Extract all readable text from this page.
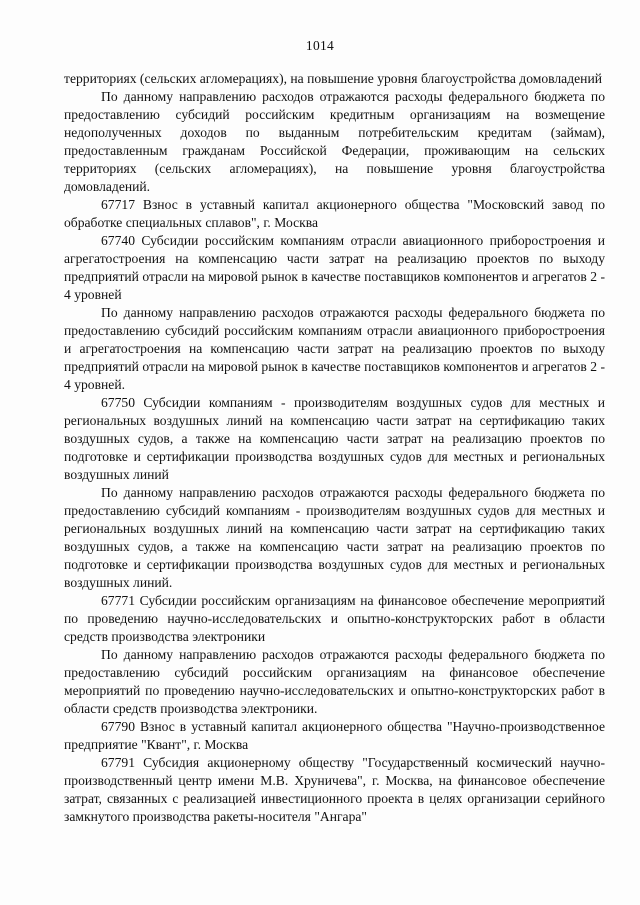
1014

территориях (сельских агломерациях), на повышение уровня благоустройства домовладений

По данному направлению расходов отражаются расходы федерального бюджета по предоставлению субсидий российским кредитным организациям на возмещение недополученных доходов по выданным потребительским кредитам (займам), предоставленным гражданам Российской Федерации, проживающим на сельских территориях (сельских агломерациях), на повышение уровня благоустройства домовладений.

67717 Взнос в уставный капитал акционерного общества "Московский завод по обработке специальных сплавов", г. Москва

67740 Субсидии российским компаниям отрасли авиационного приборостроения и агрегатостроения на компенсацию части затрат на реализацию проектов по выходу предприятий отрасли на мировой рынок в качестве поставщиков компонентов и агрегатов 2 - 4 уровней

По данному направлению расходов отражаются расходы федерального бюджета по предоставлению субсидий российским компаниям отрасли авиационного приборостроения и агрегатостроения на компенсацию части затрат на реализацию проектов по выходу предприятий отрасли на мировой рынок в качестве поставщиков компонентов и агрегатов 2 - 4 уровней.

67750 Субсидии компаниям - производителям воздушных судов для местных и региональных воздушных линий на компенсацию части затрат на сертификацию таких воздушных судов, а также на компенсацию части затрат на реализацию проектов по подготовке и сертификации производства воздушных судов для местных и региональных воздушных линий

По данному направлению расходов отражаются расходы федерального бюджета по предоставлению субсидий компаниям - производителям воздушных судов для местных и региональных воздушных линий на компенсацию части затрат на сертификацию таких воздушных судов, а также на компенсацию части затрат на реализацию проектов по подготовке и сертификации производства воздушных судов для местных и региональных воздушных линий.

67771 Субсидии российским организациям на финансовое обеспечение мероприятий по проведению научно-исследовательских и опытно-конструкторских работ в области средств производства электроники

По данному направлению расходов отражаются расходы федерального бюджета по предоставлению субсидий российским организациям на финансовое обеспечение мероприятий по проведению научно-исследовательских и опытно-конструкторских работ в области средств производства электроники.

67790 Взнос в уставный капитал акционерного общества "Научно-производственное предприятие "Квант", г. Москва

67791 Субсидия акционерному обществу "Государственный космический научно-производственный центр имени М.В. Хруничева", г. Москва, на финансовое обеспечение затрат, связанных с реализацией инвестиционного проекта в целях организации серийного замкнутого производства ракеты-носителя "Ангара"
